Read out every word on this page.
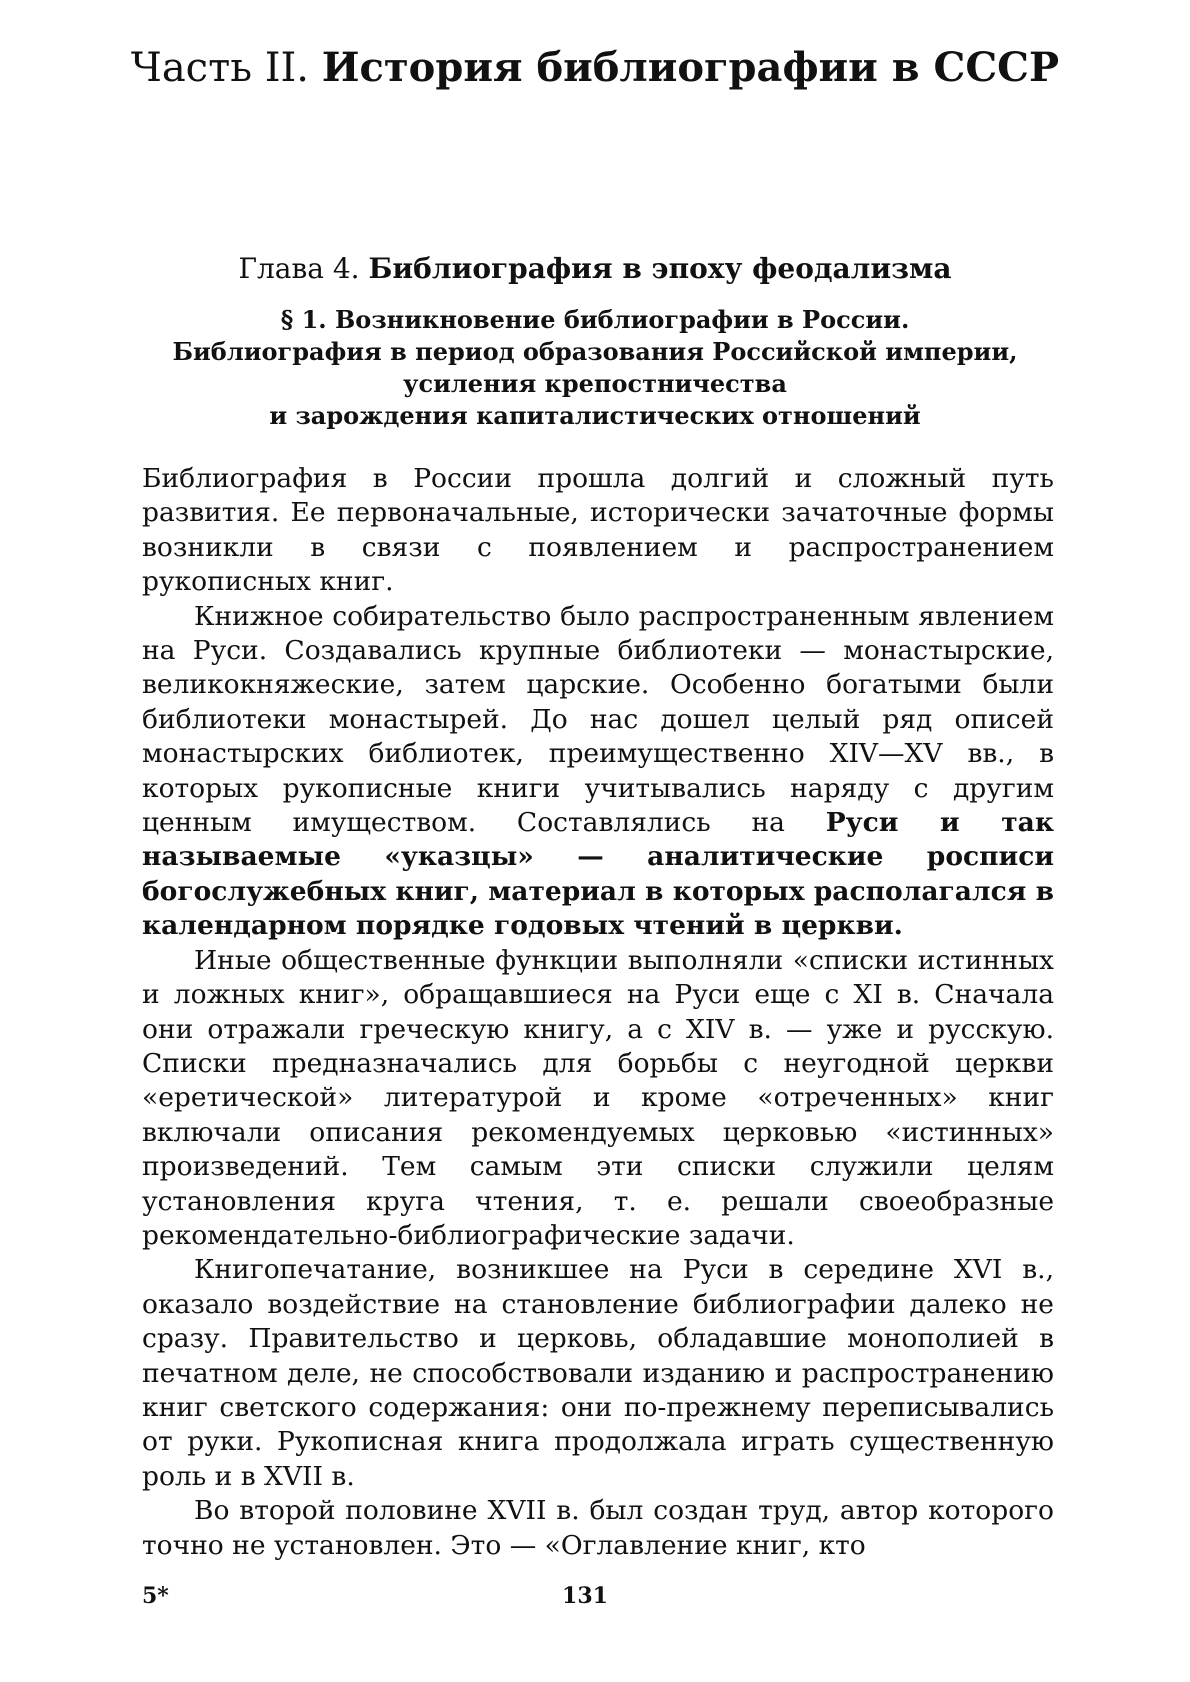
Часть II. История библиографии в СССР
Глава 4. Библиография в эпоху феодализма
§ 1. Возникновение библиографии в России.
Библиография в период образования Российской империи,
усиления крепостничества
и зарождения капиталистических отношений

Библиография в России прошла долгий и сложный путь развития. Ее первоначальные, исторически зачаточные формы возникли в связи с появлением и распространением рукописных книг.

Книжное собирательство было распространенным явлением на Руси. Создавались крупные библиотеки — монастырские, великокняжеские, затем царские. Особенно богатыми были библиотеки монастырей. До нас дошел целый ряд описей монастырских библиотек, преимущественно XIV—XV вв., в которых рукописные книги учитывались наряду с другим ценным имуществом. Составлялись на Руси и так называемые «указцы» — аналитические росписи богослужебных книг, материал в которых располагался в календарном порядке годовых чтений в церкви.

Иные общественные функции выполняли «списки истинных и ложных книг», обращавшиеся на Руси еще с XI в. Сначала они отражали греческую книгу, а с XIV в. — уже и русскую. Списки предназначались для борьбы с неугодной церкви «еретической» литературой и кроме «отреченных» книг включали описания рекомендуемых церковью «истинных» произведений. Тем самым эти списки служили целям установления круга чтения, т. е. решали своеобразные рекомендательно-библиографические задачи.

Книгопечатание, возникшее на Руси в середине XVI в., оказало воздействие на становление библиографии далеко не сразу. Правительство и церковь, обладавшие монополией в печатном деле, не способствовали изданию и распространению книг светского содержания: они по-прежнему переписывались от руки. Рукописная книга продолжала играть существенную роль и в XVII в.

Во второй половине XVII в. был создан труд, автор которого точно не установлен. Это — «Оглавление книг, кто

5*	131
